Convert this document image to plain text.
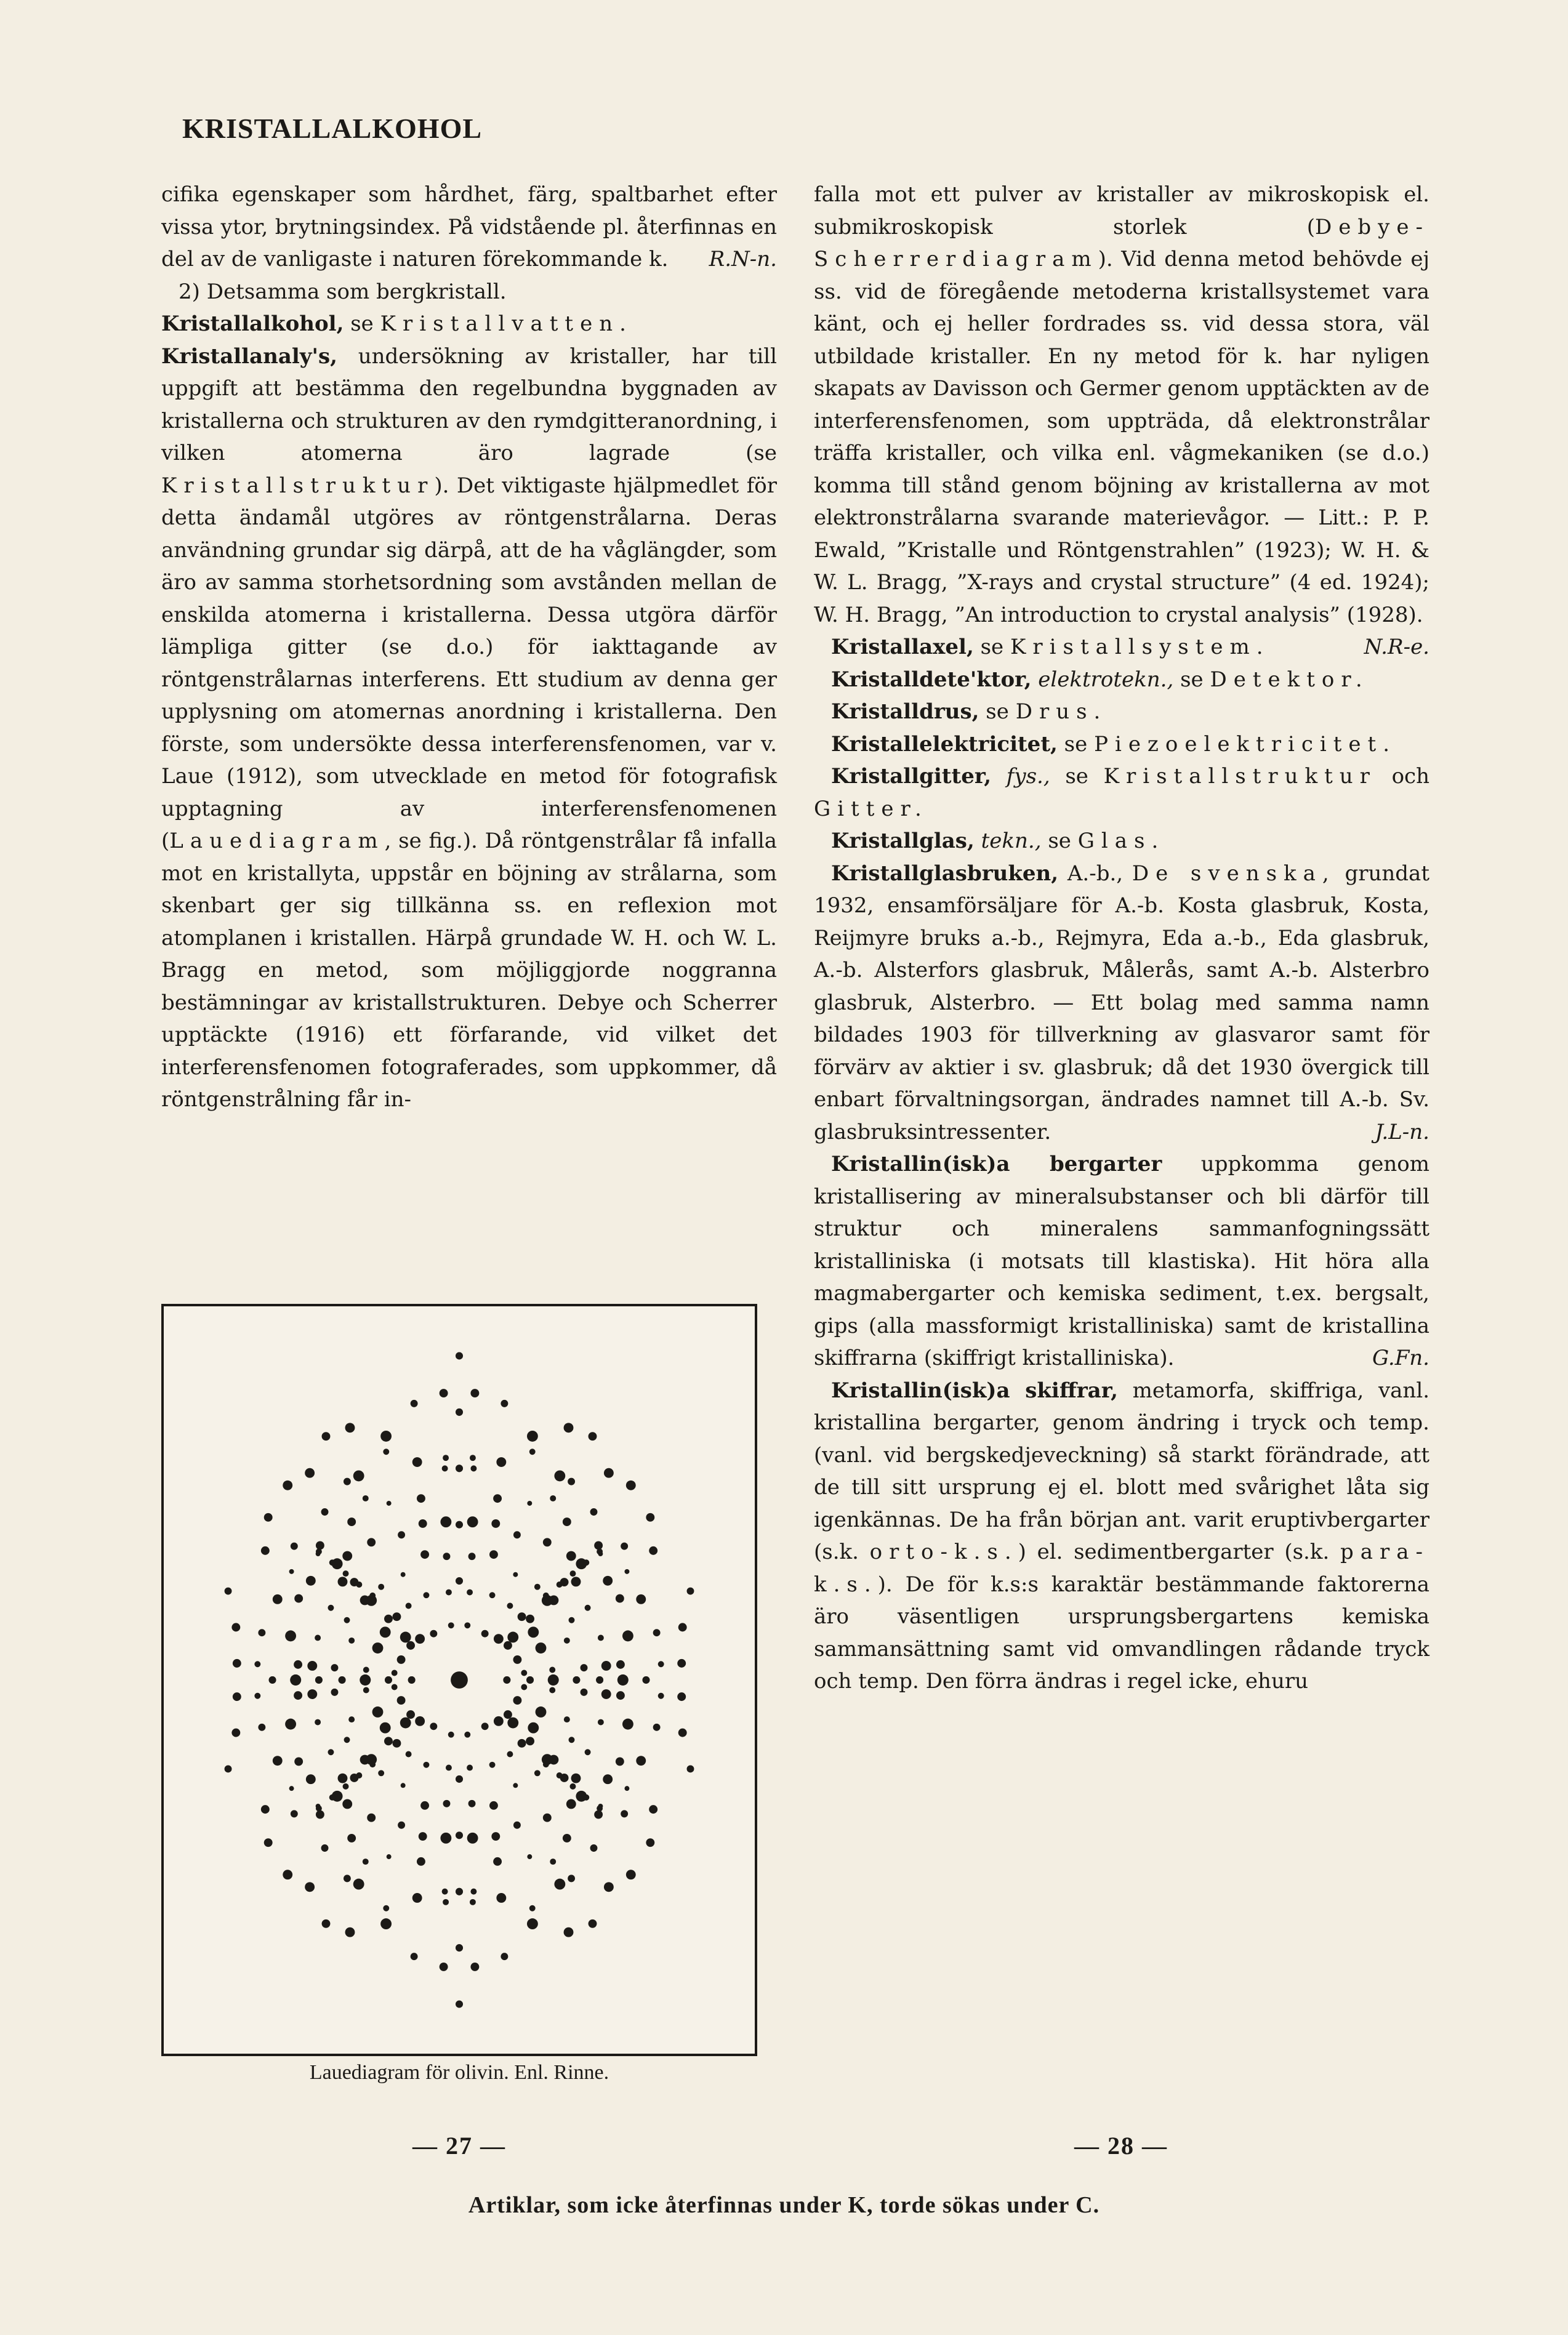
KRISTALLALKOHOL

cifika egenskaper som hårdhet, färg, spaltbarhet efter vissa ytor, brytningsindex. På vidstående pl. återfinnas en del av de vanligaste i naturen förekommande k. R.N-n.

2) Detsamma som bergkristall.

Kristallalkohol, se Kristallvatten.

Kristallanaly's, undersökning av kristaller, har till uppgift att bestämma den regelbundna byggnaden av kristallerna och strukturen av den rymdgitteranordning, i vilken atomerna äro lagrade (se Kristallstruktur). Det viktigaste hjälpmedlet för detta ändamål utgöres av röntgenstrålarna. Deras användning grundar sig därpå, att de ha våglängder, som äro av samma storhetsordning som avstånden mellan de enskilda atomerna i kristallerna. Dessa utgöra därför lämpliga gitter (se d.o.) för iakttagande av röntgenstrålarnas interferens. Ett studium av denna ger upplysning om atomernas anordning i kristallerna. Den förste, som undersökte dessa interferensfenomen, var v. Laue (1912), som utvecklade en metod för fotografisk upptagning av interferensfenomenen (Lauediagram, se fig.). Då röntgenstrålar få infalla mot en kristallyta, uppstår en böjning av strålarna, som skenbart ger sig tillkänna ss. en reflexion mot atomplanen i kristallen. Härpå grundade W. H. och W. L. Bragg en metod, som möjliggjorde noggranna bestämningar av kristallstrukturen. Debye och Scherrer upptäckte (1916) ett förfarande, vid vilket det interferensfenomen fotograferades, som uppkommer, då röntgenstrålning får in-

Lauediagram för olivin. Enl. Rinne.

falla mot ett pulver av kristaller av mikroskopisk el. submikroskopisk storlek (Debye-Scherrerdiagram). Vid denna metod behövde ej ss. vid de föregående metoderna kristallsystemet vara känt, och ej heller fordrades ss. vid dessa stora, väl utbildade kristaller. En ny metod för k. har nyligen skapats av Davisson och Germer genom upptäckten av de interferensfenomen, som uppträda, då elektronstrålar träffa kristaller, och vilka enl. vågmekaniken (se d.o.) komma till stånd genom böjning av kristallerna av mot elektronstrålarna svarande materievågor. — Litt.: P. P. Ewald, ”Kristalle und Röntgenstrahlen” (1923); W. H. & W. L. Bragg, ”X-rays and crystal structure” (4 ed. 1924); W. H. Bragg, ”An introduction to crystal analysis” (1928).
N.R-e.

Kristallaxel, se Kristallsystem.

Kristalldete'ktor, elektrotekn., se Detektor.

Kristalldrus, se Drus.

Kristallelektricitet, se Piezoelektricitet.

Kristallgitter, fys., se Kristallstruktur och Gitter.

Kristallglas, tekn., se Glas.

Kristallglasbruken, A.-b., De svenska, grundat 1932, ensamförsäljare för A.-b. Kosta glasbruk, Kosta, Reijmyre bruks a.-b., Rejmyra, Eda a.-b., Eda glasbruk, A.-b. Alsterfors glasbruk, Målerås, samt A.-b. Alsterbro glasbruk, Alsterbro. — Ett bolag med samma namn bildades 1903 för tillverkning av glasvaror samt för förvärv av aktier i sv. glasbruk; då det 1930 övergick till enbart förvaltningsorgan, ändrades namnet till A.-b. Sv. glasbruksintressenter.	J.L-n.

Kristallin(isk)a bergarter uppkomma genom kristallisering av mineralsubstanser och bli därför till struktur och mineralens sammanfogningssätt kristalliniska (i motsats till klastiska). Hit höra alla magmabergarter och kemiska sediment, t.ex. bergsalt, gips (alla massformigt kristalliniska) samt de kristallina skiffrarna (skiffrigt kristalliniska).	G.Fn.

Kristallin(isk)a skiffrar, metamorfa, skiffriga, vanl. kristallina bergarter, genom ändring i tryck och temp. (vanl. vid bergskedjeveckning) så starkt förändrade, att de till sitt ursprung ej el. blott med svårighet låta sig igenkännas. De ha från början ant. varit eruptivbergarter (s.k. orto-k.s.) el. sedimentbergarter (s.k. para-k.s.). De för k.s:s karaktär bestämmande faktorerna äro väsentligen ursprungsbergartens kemiska sammansättning samt vid omvandlingen rådande tryck och temp. Den förra ändras i regel icke, ehuru

— 27 —	— 28 —
Artiklar, som icke återfinnas under K, torde sökas under C.
